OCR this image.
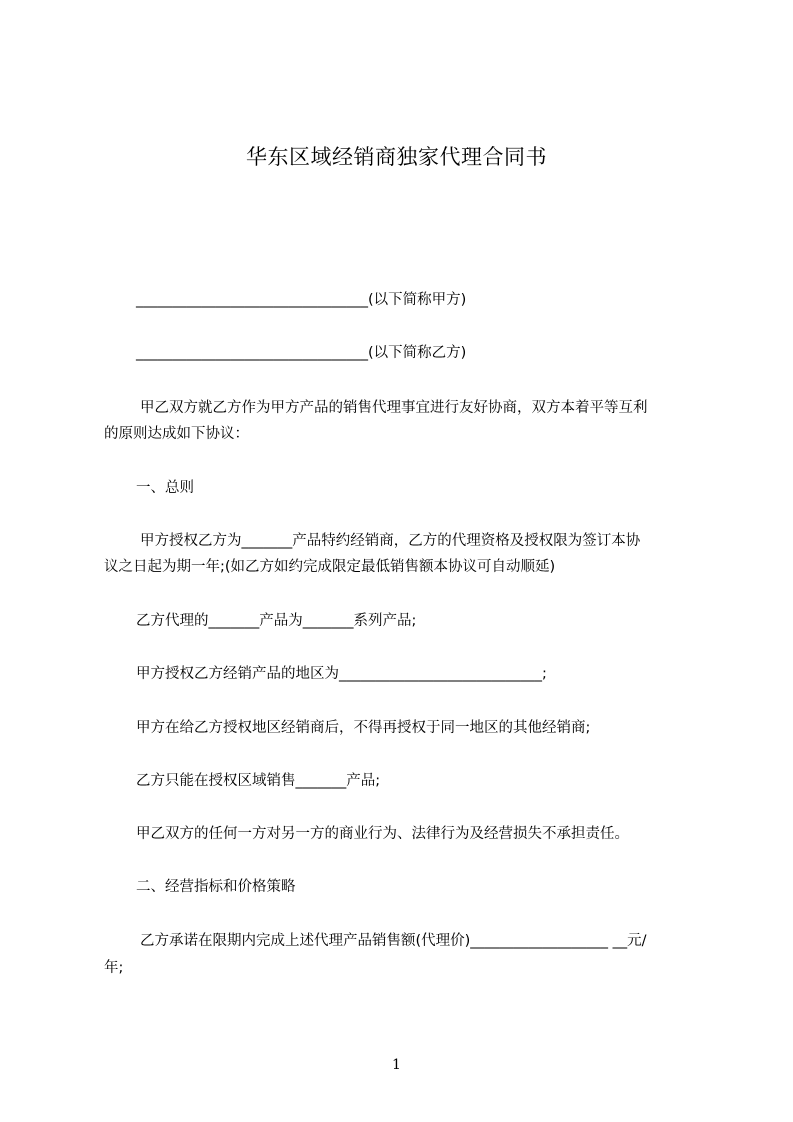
华东区域经销商独家代理合同书
________________________________(以下简称甲方)
________________________________(以下简称乙方)
甲乙双方就乙方作为甲方产品的销售代理事宜进行友好协商，双方本着平等互利
的原则达成如下协议：
一、总则
甲方授权乙方为_______产品特约经销商，乙方的代理资格及授权限为签订本协
议之日起为期一年;(如乙方如约完成限定最低销售额本协议可自动顺延)
乙方代理的_______产品为_______系列产品;
甲方授权乙方经销产品的地区为____________________________;
甲方在给乙方授权地区经销商后，不得再授权于同一地区的其他经销商;
乙方只能在授权区域销售_______产品;
甲乙双方的任何一方对另一方的商业行为、法律行为及经营损失不承担责任。
二、经营指标和价格策略
乙方承诺在限期内完成上述代理产品销售额(代理价)___________________ __元/
年;
1
